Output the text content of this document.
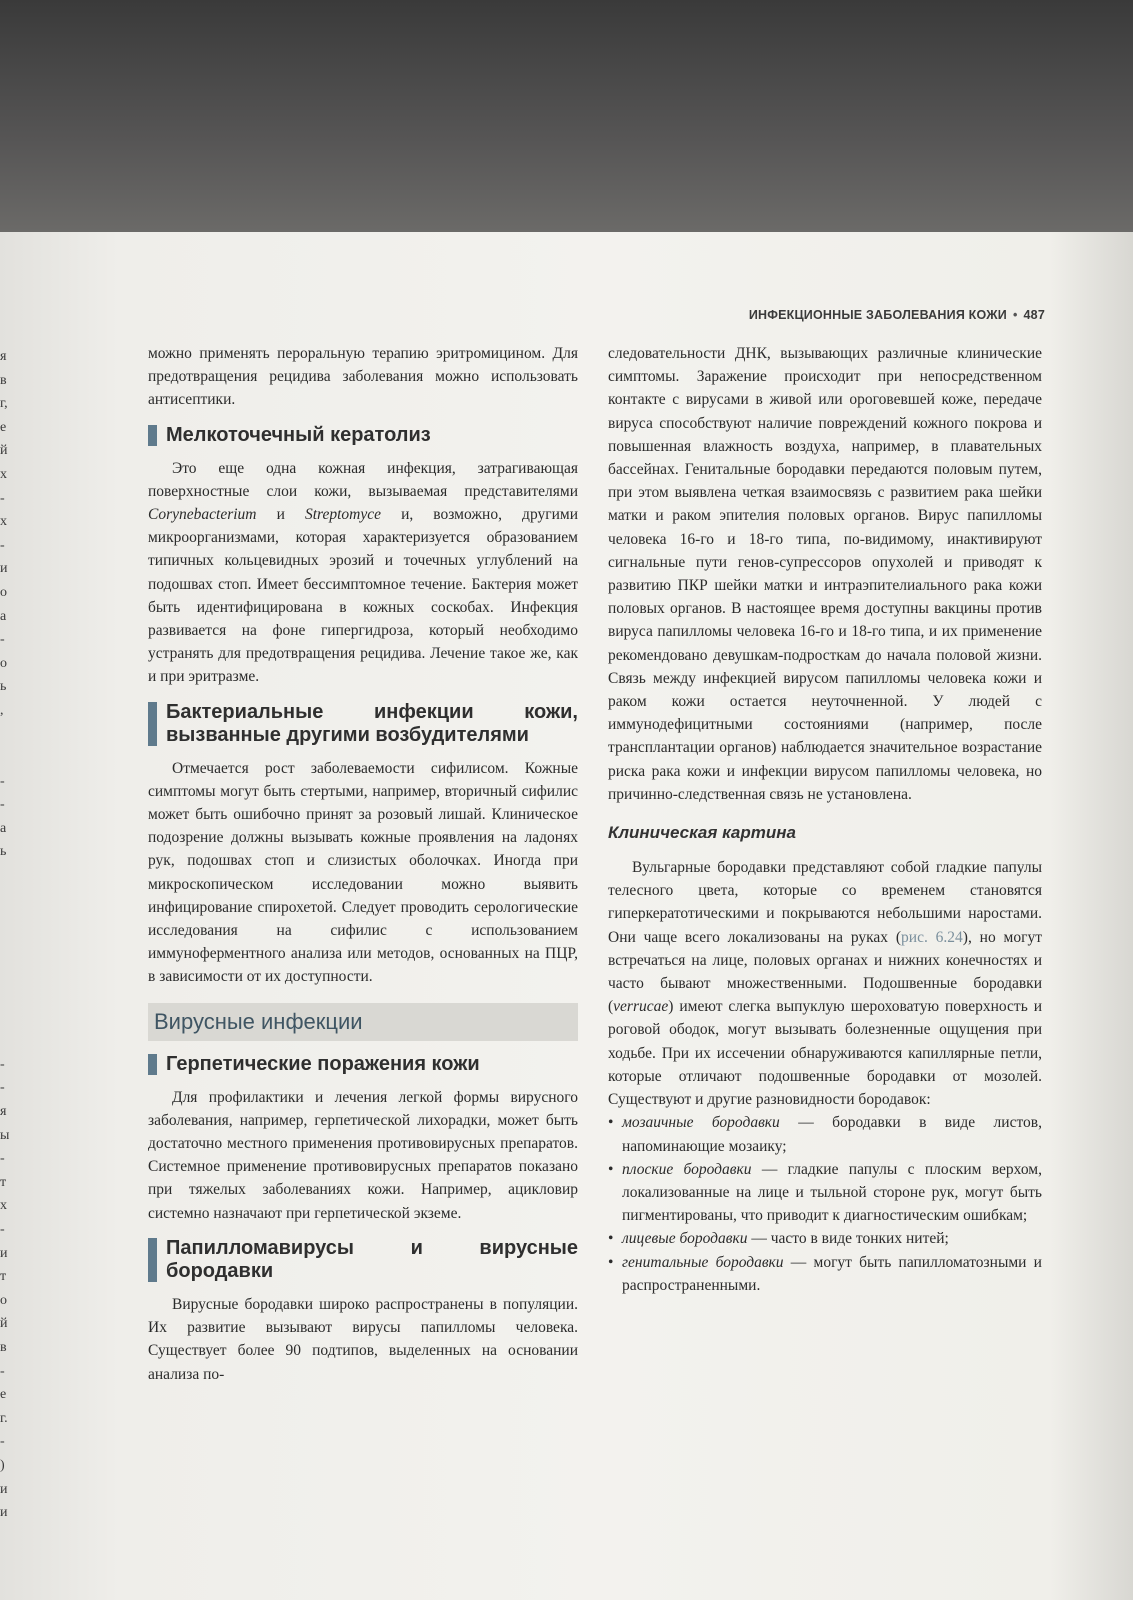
я
в
г,
е
й
х
-
х
-
и
о
а
-
о
ь
,
-
-
а
ь
-
-
я
ы
-
т
х
-
и
т
о
й
в
-
е
г.
-
)
и
и
ИНФЕКЦИОННЫЕ ЗАБОЛЕВАНИЯ КОЖИ • 487

можно применять пероральную терапию эритромицином. Для предотвращения рецидива заболевания можно использовать антисептики.

Мелкоточечный кератолиз

Это еще одна кожная инфекция, затрагивающая поверхностные слои кожи, вызываемая представителями Corynebacterium и Streptomyce и, возможно, другими микроорганизмами, которая характеризуется образованием типичных кольцевидных эрозий и точечных углублений на подошвах стоп. Имеет бессимптомное течение. Бактерия может быть идентифицирована в кожных соскобах. Инфекция развивается на фоне гипергидроза, который необходимо устранять для предотвращения рецидива. Лечение такое же, как и при эритразме.

Бактериальные инфекции кожи, вызванные другими возбудителями

Отмечается рост заболеваемости сифилисом. Кожные симптомы могут быть стертыми, например, вторичный сифилис может быть ошибочно принят за розовый лишай. Клиническое подозрение должны вызывать кожные проявления на ладонях рук, подошвах стоп и слизистых оболочках. Иногда при микроскопическом исследовании можно выявить инфицирование спирохетой. Следует проводить серологические исследования на сифилис с использованием иммуноферментного анализа или методов, основанных на ПЦР, в зависимости от их доступности.

Вирусные инфекции
Герпетические поражения кожи

Для профилактики и лечения легкой формы вирусного заболевания, например, герпетической лихорадки, может быть достаточно местного применения противовирусных препаратов. Системное применение противовирусных препаратов показано при тяжелых заболеваниях кожи. Например, ацикловир системно назначают при герпетической экземе.

Папилломавирусы и вирусные бородавки

Вирусные бородавки широко распространены в популяции. Их развитие вызывают вирусы папилломы человека. Существует более 90 подтипов, выделенных на основании анализа по-

следовательности ДНК, вызывающих различные клинические симптомы. Заражение происходит при непосредственном контакте с вирусами в живой или ороговевшей коже, передаче вируса способствуют наличие повреждений кожного покрова и повышенная влажность воздуха, например, в плавательных бассейнах. Генитальные бородавки передаются половым путем, при этом выявлена четкая взаимосвязь с развитием рака шейки матки и раком эпителия половых органов. Вирус папилломы человека 16-го и 18-го типа, по-видимому, инактивируют сигнальные пути генов-супрессоров опухолей и приводят к развитию ПКР шейки матки и интраэпителиального рака кожи половых органов. В настоящее время доступны вакцины против вируса папилломы человека 16-го и 18-го типа, и их применение рекомендовано девушкам-подросткам до начала половой жизни. Связь между инфекцией вирусом папилломы человека кожи и раком кожи остается неуточненной. У людей с иммунодефицитными состояниями (например, после трансплантации органов) наблюдается значительное возрастание риска рака кожи и инфекции вирусом папилломы человека, но причинно-следственная связь не установлена.

Клиническая картина

Вульгарные бородавки представляют собой гладкие папулы телесного цвета, которые со временем становятся гиперкератотическими и покрываются небольшими наростами. Они чаще всего локализованы на руках (рис. 6.24), но могут встречаться на лице, половых органах и нижних конечностях и часто бывают множественными. Подошвенные бородавки (verrucae) имеют слегка выпуклую шероховатую поверхность и роговой ободок, могут вызывать болезненные ощущения при ходьбе. При их иссечении обнаруживаются капиллярные петли, которые отличают подошвенные бородавки от мозолей. Существуют и другие разновидности бородавок:

• мозаичные бородавки — бородавки в виде листов, напоминающие мозаику;
• плоские бородавки — гладкие папулы с плоским верхом, локализованные на лице и тыльной стороне рук, могут быть пигментированы, что приводит к диагностическим ошибкам;
• лицевые бородавки — часто в виде тонких нитей;
• генитальные бородавки — могут быть папилломатозными и распространенными.
